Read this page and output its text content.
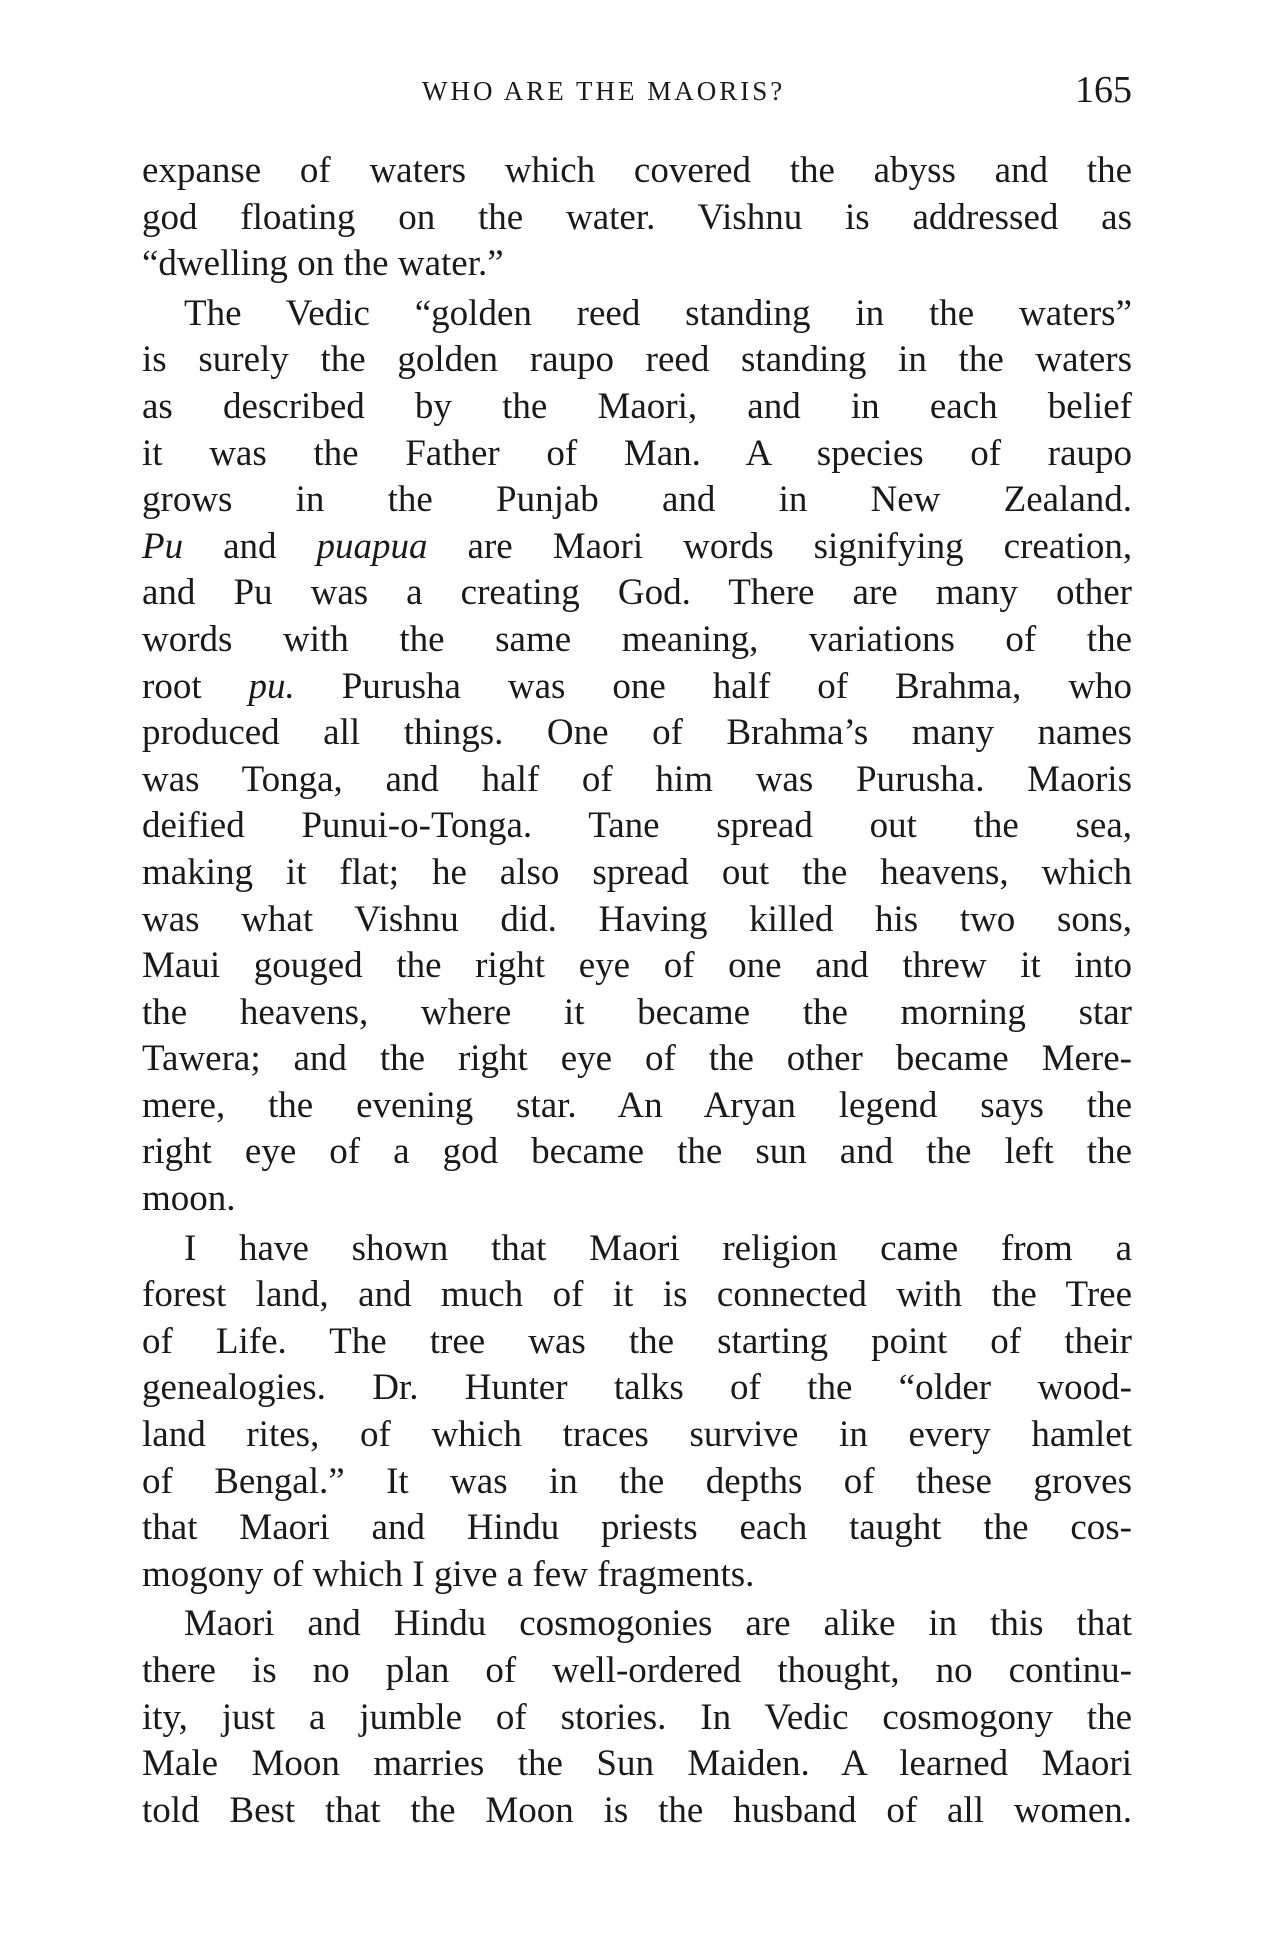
WHO ARE THE MAORIS?	165

expanse of waters which covered the abyss and the
god floating on the water. Vishnu is addressed as
“dwelling on the water.”

The Vedic “golden reed standing in the waters”
is surely the golden raupo reed standing in the waters
as described by the Maori, and in each belief
it was the Father of Man. A species of raupo
grows in the Punjab and in New Zealand.
Pu and puapua are Maori words signifying creation,
and Pu was a creating God. There are many other
words with the same meaning, variations of the
root pu. Purusha was one half of Brahma, who
produced all things. One of Brahma’s many names
was Tonga, and half of him was Purusha. Maoris
deified Punui-o-Tonga. Tane spread out the sea,
making it flat; he also spread out the heavens, which
was what Vishnu did. Having killed his two sons,
Maui gouged the right eye of one and threw it into
the heavens, where it became the morning star
Tawera; and the right eye of the other became Mere-
mere, the evening star. An Aryan legend says the
right eye of a god became the sun and the left the
moon.

I have shown that Maori religion came from a
forest land, and much of it is connected with the Tree
of Life. The tree was the starting point of their
genealogies. Dr. Hunter talks of the “older wood-
land rites, of which traces survive in every hamlet
of Bengal.” It was in the depths of these groves
that Maori and Hindu priests each taught the cos-
mogony of which I give a few fragments.

Maori and Hindu cosmogonies are alike in this that
there is no plan of well-ordered thought, no continu-
ity, just a jumble of stories. In Vedic cosmogony the
Male Moon marries the Sun Maiden. A learned Maori
told Best that the Moon is the husband of all women.
